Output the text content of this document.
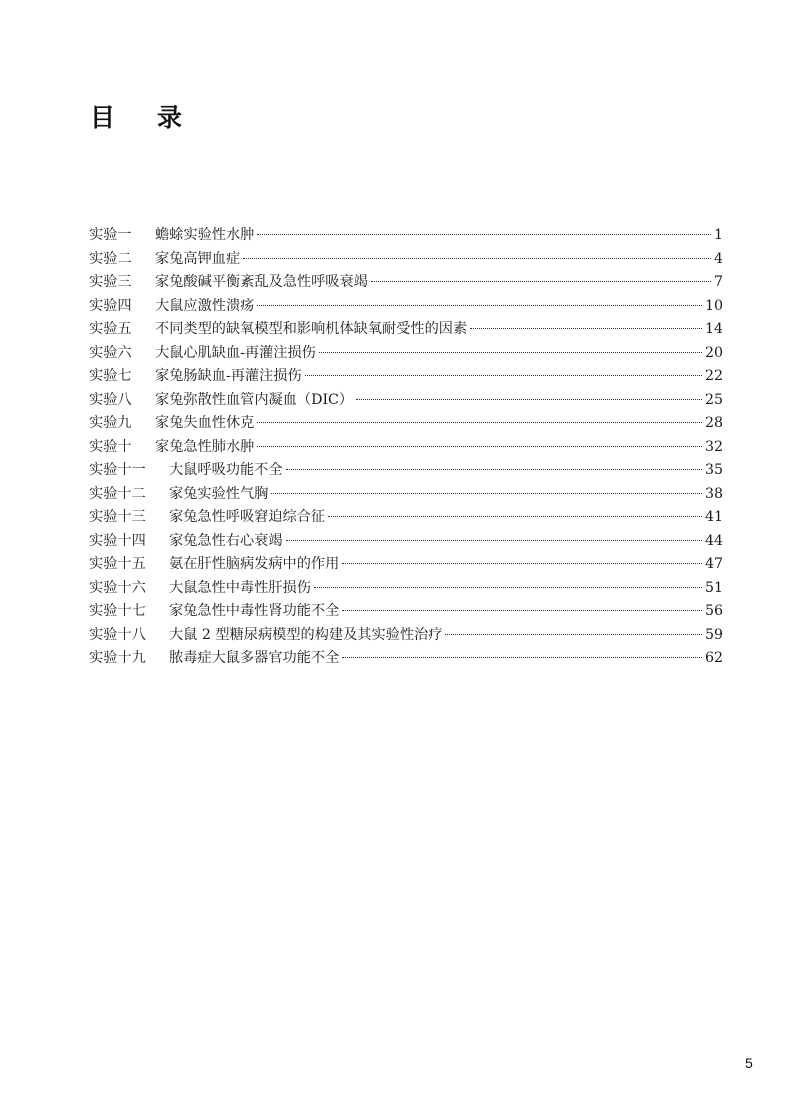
目录
实验一	蟾蜍实验性水肿	1
实验二	家兔高钾血症	4
实验三	家兔酸碱平衡紊乱及急性呼吸衰竭	7
实验四	大鼠应激性溃疡	10
实验五	不同类型的缺氧模型和影响机体缺氧耐受性的因素	14
实验六	大鼠心肌缺血-再灌注损伤	20
实验七	家兔肠缺血-再灌注损伤	22
实验八	家兔弥散性血管内凝血（DIC）	25
实验九	家兔失血性休克	28
实验十	家兔急性肺水肿	32
实验十一	大鼠呼吸功能不全	35
实验十二	家兔实验性气胸	38
实验十三	家兔急性呼吸窘迫综合征	41
实验十四	家兔急性右心衰竭	44
实验十五	氨在肝性脑病发病中的作用	47
实验十六	大鼠急性中毒性肝损伤	51
实验十七	家兔急性中毒性肾功能不全	56
实验十八	大鼠 2 型糖尿病模型的构建及其实验性治疗	59
实验十九	脓毒症大鼠多器官功能不全	62
5
